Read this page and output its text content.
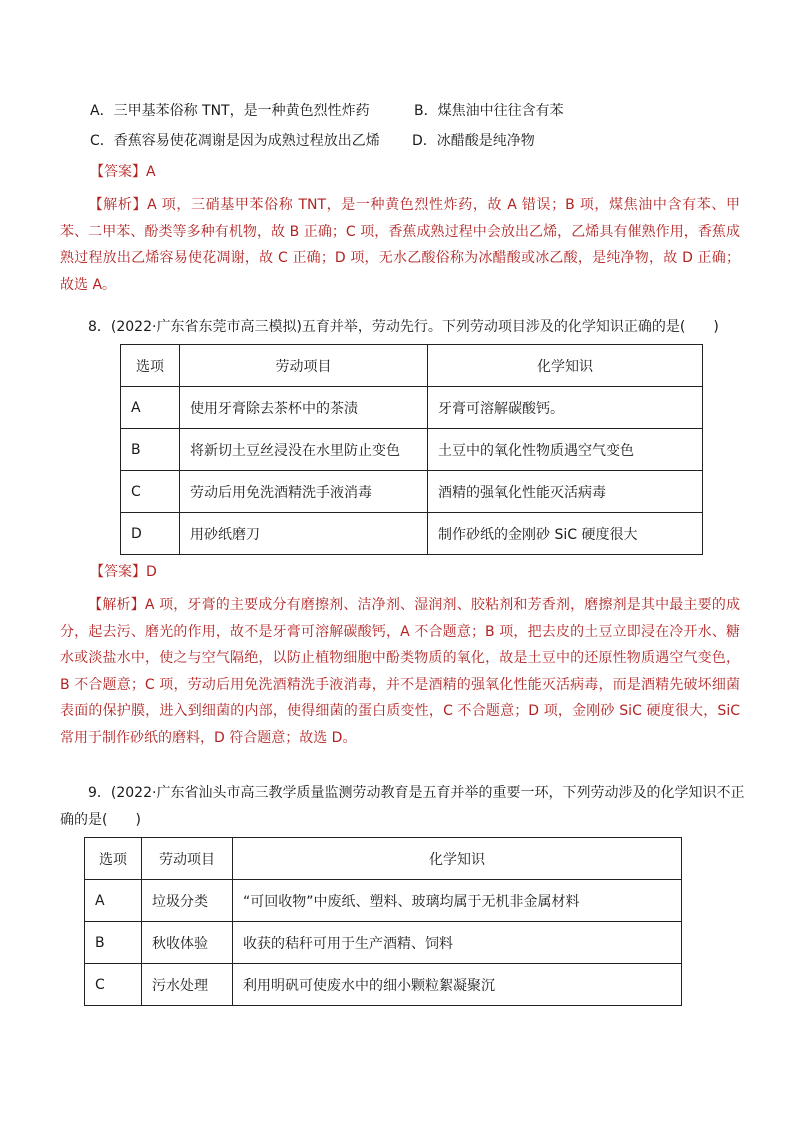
A．三甲基苯俗称 TNT，是一种黄色烈性炸药	B．煤焦油中往往含有苯
C．香蕉容易使花凋谢是因为成熟过程放出乙烯 D．冰醋酸是纯净物
【答案】A
【解析】A 项，三硝基甲苯俗称 TNT，是一种黄色烈性炸药，故 A 错误；B 项，煤焦油中含有苯、甲苯、二甲苯、酚类等多种有机物，故 B 正确；C 项，香蕉成熟过程中会放出乙烯，乙烯具有催熟作用，香蕉成熟过程放出乙烯容易使花凋谢，故 C 正确；D 项，无水乙酸俗称为冰醋酸或冰乙酸，是纯净物，故 D 正确；故选 A。
8．(2022·广东省东莞市高三模拟)五育并举，劳动先行。下列劳动项目涉及的化学知识正确的是(　　)
选项	劳动项目	化学知识
A	使用牙膏除去茶杯中的茶渍	牙膏可溶解碳酸钙。
B	将新切土豆丝浸没在水里防止变色	土豆中的氧化性物质遇空气变色
C	劳动后用免洗酒精洗手液消毒	酒精的强氧化性能灭活病毒
D	用砂纸磨刀	制作砂纸的金刚砂 SiC 硬度很大
【答案】D
【解析】A 项，牙膏的主要成分有磨擦剂、洁净剂、湿润剂、胶粘剂和芳香剂，磨擦剂是其中最主要的成分，起去污、磨光的作用，故不是牙膏可溶解碳酸钙，A 不合题意；B 项，把去皮的土豆立即浸在冷开水、糖水或淡盐水中，使之与空气隔绝，以防止植物细胞中酚类物质的氧化，故是土豆中的还原性物质遇空气变色，B 不合题意；C 项，劳动后用免洗酒精洗手液消毒，并不是酒精的强氧化性能灭活病毒，而是酒精先破坏细菌表面的保护膜，进入到细菌的内部，使得细菌的蛋白质变性，C 不合题意；D 项，金刚砂 SiC 硬度很大，SiC 常用于制作砂纸的磨料，D 符合题意；故选 D。
9．(2022·广东省汕头市高三教学质量监测劳动教育是五育并举的重要一环，下列劳动涉及的化学知识不正确的是(　　)
选项	劳动项目	化学知识
A	垃圾分类	“可回收物”中废纸、塑料、玻璃均属于无机非金属材料
B	秋收体验	收获的秸秆可用于生产酒精、饲料
C	污水处理	利用明矾可使废水中的细小颗粒絮凝聚沉
